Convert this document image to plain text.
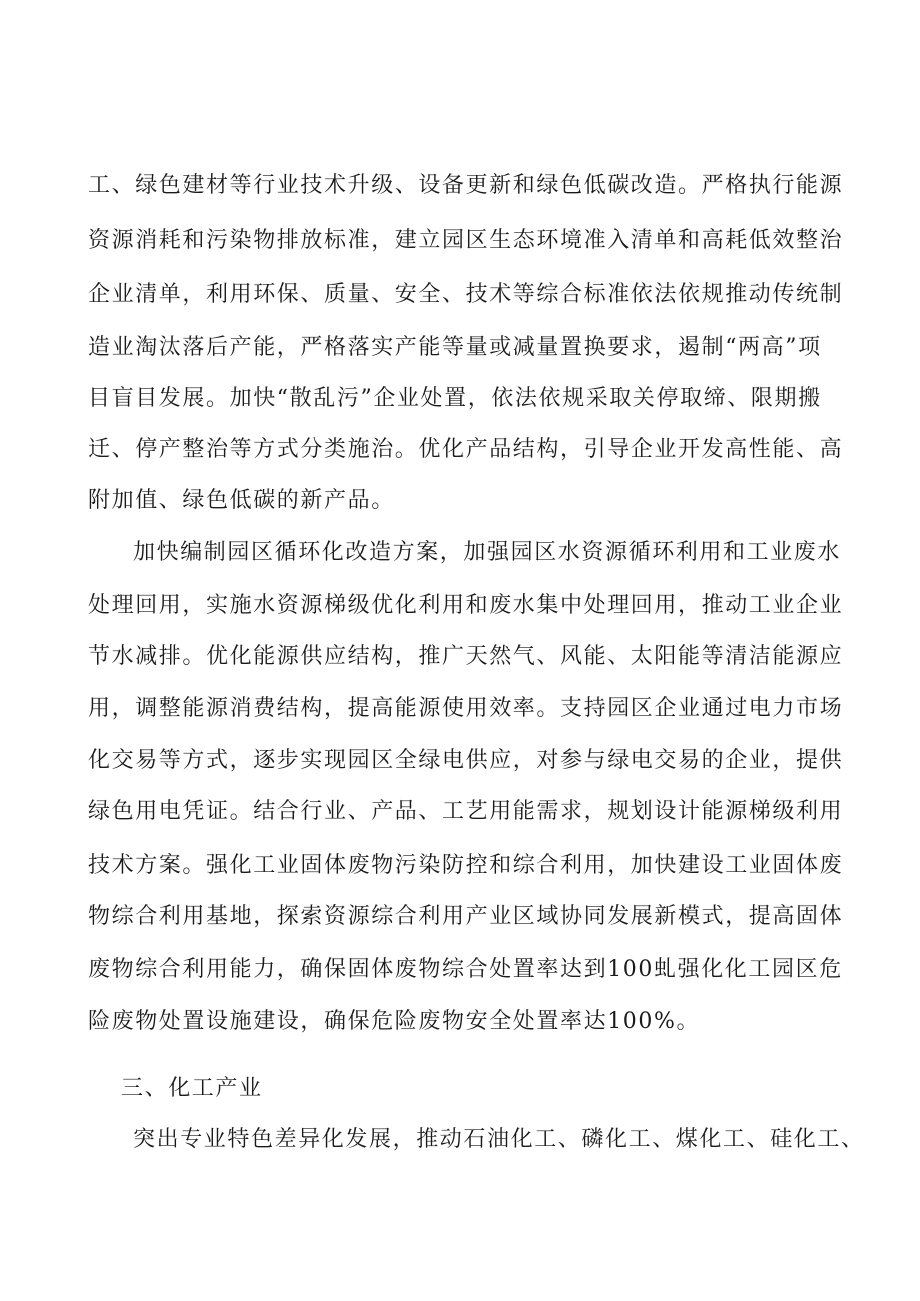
工、绿色建材等行业技术升级、设备更新和绿色低碳改造。严格执行能源
资源消耗和污染物排放标准，建立园区生态环境准入清单和高耗低效整治
企业清单，利用环保、质量、安全、技术等综合标准依法依规推动传统制
造业淘汰落后产能，严格落实产能等量或减量置换要求，遏制“两高”项
目盲目发展。加快“散乱污”企业处置，依法依规采取关停取缔、限期搬
迁、停产整治等方式分类施治。优化产品结构，引导企业开发高性能、高
附加值、绿色低碳的新产品。
加快编制园区循环化改造方案，加强园区水资源循环利用和工业废水
处理回用，实施水资源梯级优化利用和废水集中处理回用，推动工业企业
节水减排。优化能源供应结构，推广天然气、风能、太阳能等清洁能源应
用，调整能源消费结构，提高能源使用效率。支持园区企业通过电力市场
化交易等方式，逐步实现园区全绿电供应，对参与绿电交易的企业，提供
绿色用电凭证。结合行业、产品、工艺用能需求，规划设计能源梯级利用
技术方案。强化工业固体废物污染防控和综合利用，加快建设工业固体废
物综合利用基地，探索资源综合利用产业区域协同发展新模式，提高固体
废物综合利用能力，确保固体废物综合处置率达到100虬强化化工园区危
险废物处置设施建设，确保危险废物安全处置率达100%。
三、化工产业
突出专业特色差异化发展，推动石油化工、磷化工、煤化工、硅化工、
